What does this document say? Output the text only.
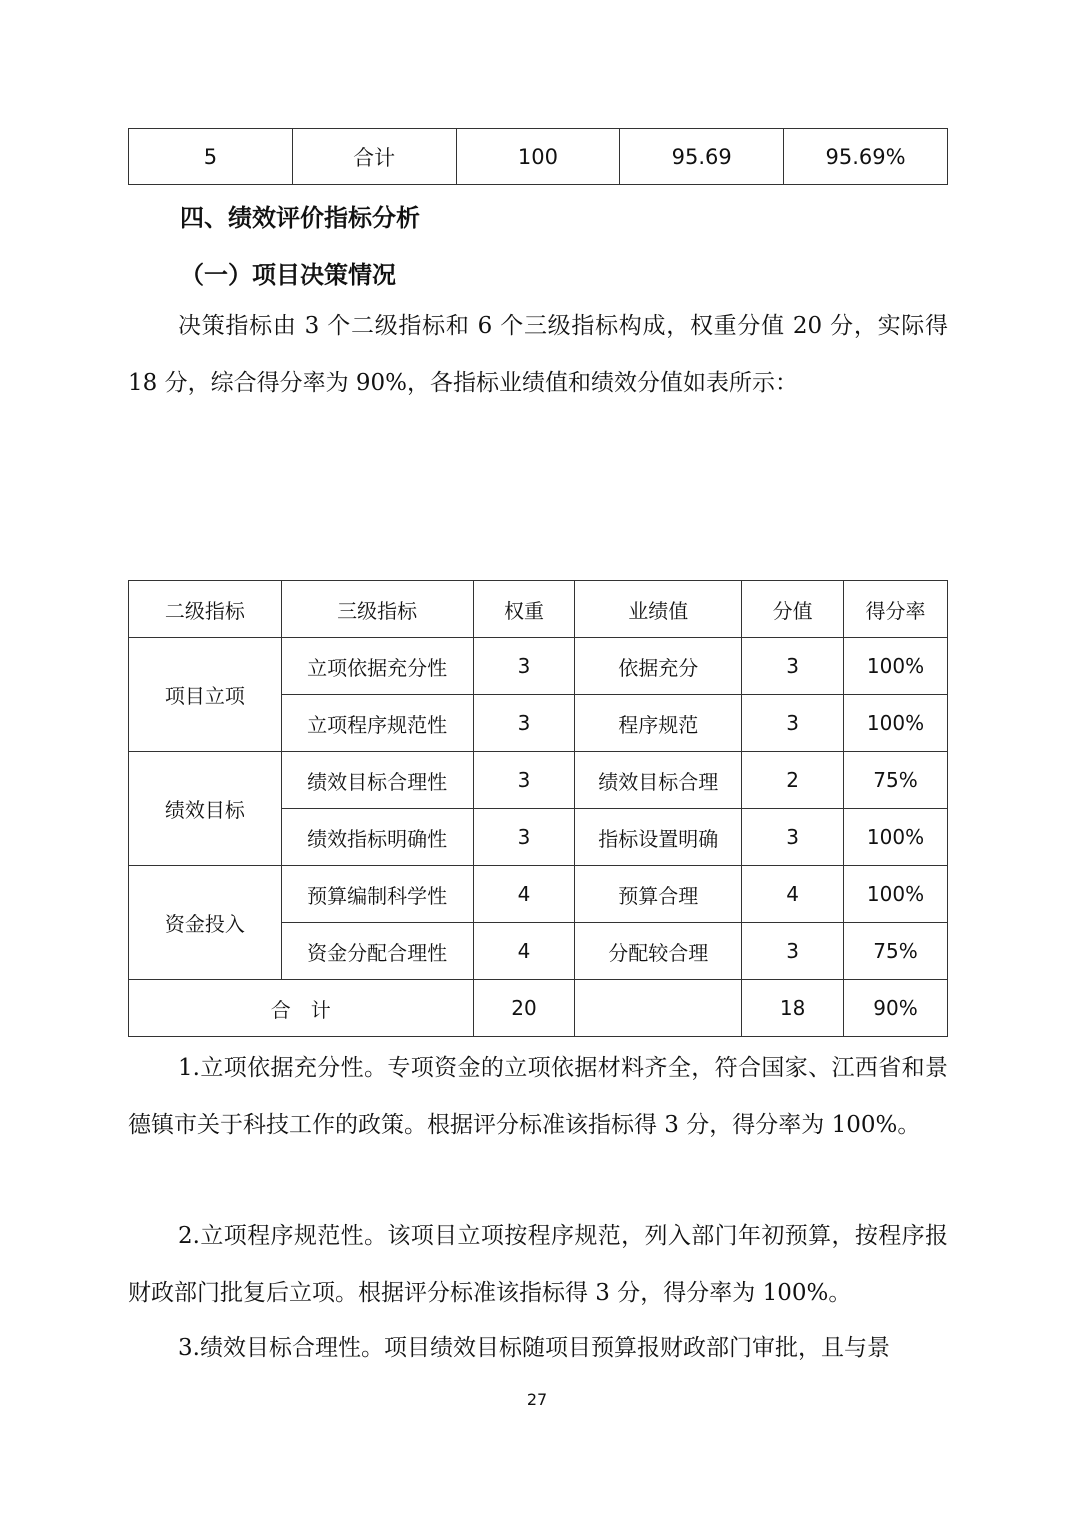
5	合计	100	95.69	95.69%
四、绩效评价指标分析
（一）项目决策情况

决策指标由 3 个二级指标和 6 个三级指标构成，权重分值 20 分，实际得 18 分，综合得分率为 90%，各指标业绩值和绩效分值如表所示：

二级指标	三级指标	权重	业绩值	分值	得分率
项目立项	立项依据充分性	3	依据充分	3	100%
	立项程序规范性	3	程序规范	3	100%
绩效目标	绩效目标合理性	3	绩效目标合理	2	75%
	绩效指标明确性	3	指标设置明确	3	100%
资金投入	预算编制科学性	4	预算合理	4	100%
	资金分配合理性	4	分配较合理	3	75%
合　计		20		18	90%

1.立项依据充分性。专项资金的立项依据材料齐全，符合国家、江西省和景德镇市关于科技工作的政策。根据评分标准该指标得 3 分，得分率为 100%。

2.立项程序规范性。该项目立项按程序规范，列入部门年初预算，按程序报财政部门批复后立项。根据评分标准该指标得 3 分，得分率为 100%。

3.绩效目标合理性。项目绩效目标随项目预算报财政部门审批，且与景

27
